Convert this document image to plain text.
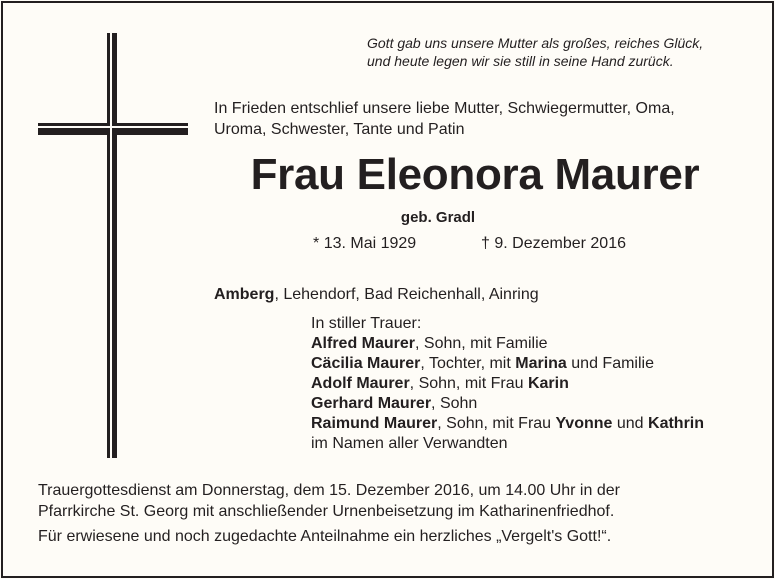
Gott gab uns unsere Mutter als großes, reiches Glück,
und heute legen wir sie still in seine Hand zurück.
In Frieden entschlief unsere liebe Mutter, Schwiegermutter, Oma,
Uroma, Schwester, Tante und Patin
Frau Eleonora Maurer
geb. Gradl
* 13. Mai 1929	† 9. Dezember 2016
Amberg, Lehendorf, Bad Reichenhall, Ainring
In stiller Trauer:
Alfred Maurer, Sohn, mit Familie
Cäcilia Maurer, Tochter, mit Marina und Familie
Adolf Maurer, Sohn, mit Frau Karin
Gerhard Maurer, Sohn
Raimund Maurer, Sohn, mit Frau Yvonne und Kathrin
im Namen aller Verwandten
Trauergottesdienst am Donnerstag, dem 15. Dezember 2016, um 14.00 Uhr in der
Pfarrkirche St. Georg mit anschließender Urnenbeisetzung im Katharinenfriedhof.
Für erwiesene und noch zugedachte Anteilnahme ein herzliches „Vergelt's Gott!“.
